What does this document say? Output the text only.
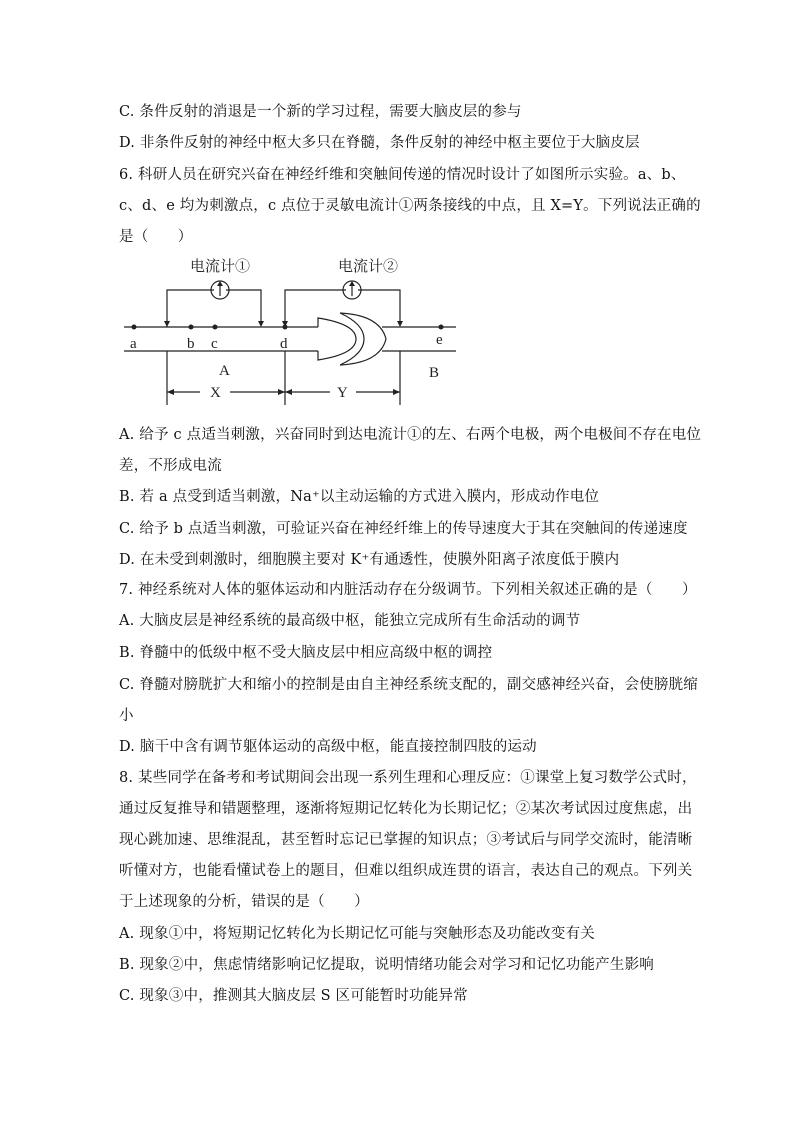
C. 条件反射的消退是一个新的学习过程，需要大脑皮层的参与
D. 非条件反射的神经中枢大多只在脊髓，条件反射的神经中枢主要位于大脑皮层
6. 科研人员在研究兴奋在神经纤维和突触间传递的情况时设计了如图所示实验。a、b、
c、d、e 均为刺激点，c 点位于灵敏电流计①两条接线的中点，且 X=Y。下列说法正确的
是（　　）
电流计①	电流计②
a	b c	d	e
A	B
X	Y
A. 给予 c 点适当刺激，兴奋同时到达电流计①的左、右两个电极，两个电极间不存在电位
差，不形成电流
B. 若 a 点受到适当刺激，Na⁺以主动运输的方式进入膜内，形成动作电位
C. 给予 b 点适当刺激，可验证兴奋在神经纤维上的传导速度大于其在突触间的传递速度
D. 在未受到刺激时，细胞膜主要对 K⁺有通透性，使膜外阳离子浓度低于膜内
7. 神经系统对人体的躯体运动和内脏活动存在分级调节。下列相关叙述正确的是（　　）
A. 大脑皮层是神经系统的最高级中枢，能独立完成所有生命活动的调节
B. 脊髓中的低级中枢不受大脑皮层中相应高级中枢的调控
C. 脊髓对膀胱扩大和缩小的控制是由自主神经系统支配的，副交感神经兴奋，会使膀胱缩
小
D. 脑干中含有调节躯体运动的高级中枢，能直接控制四肢的运动
8. 某些同学在备考和考试期间会出现一系列生理和心理反应：①课堂上复习数学公式时，
通过反复推导和错题整理，逐渐将短期记忆转化为长期记忆；②某次考试因过度焦虑，出
现心跳加速、思维混乱，甚至暂时忘记已掌握的知识点；③考试后与同学交流时，能清晰
听懂对方，也能看懂试卷上的题目，但难以组织成连贯的语言，表达自己的观点。下列关
于上述现象的分析，错误的是（　　）
A. 现象①中，将短期记忆转化为长期记忆可能与突触形态及功能改变有关
B. 现象②中，焦虑情绪影响记忆提取，说明情绪功能会对学习和记忆功能产生影响
C. 现象③中，推测其大脑皮层 S 区可能暂时功能异常
